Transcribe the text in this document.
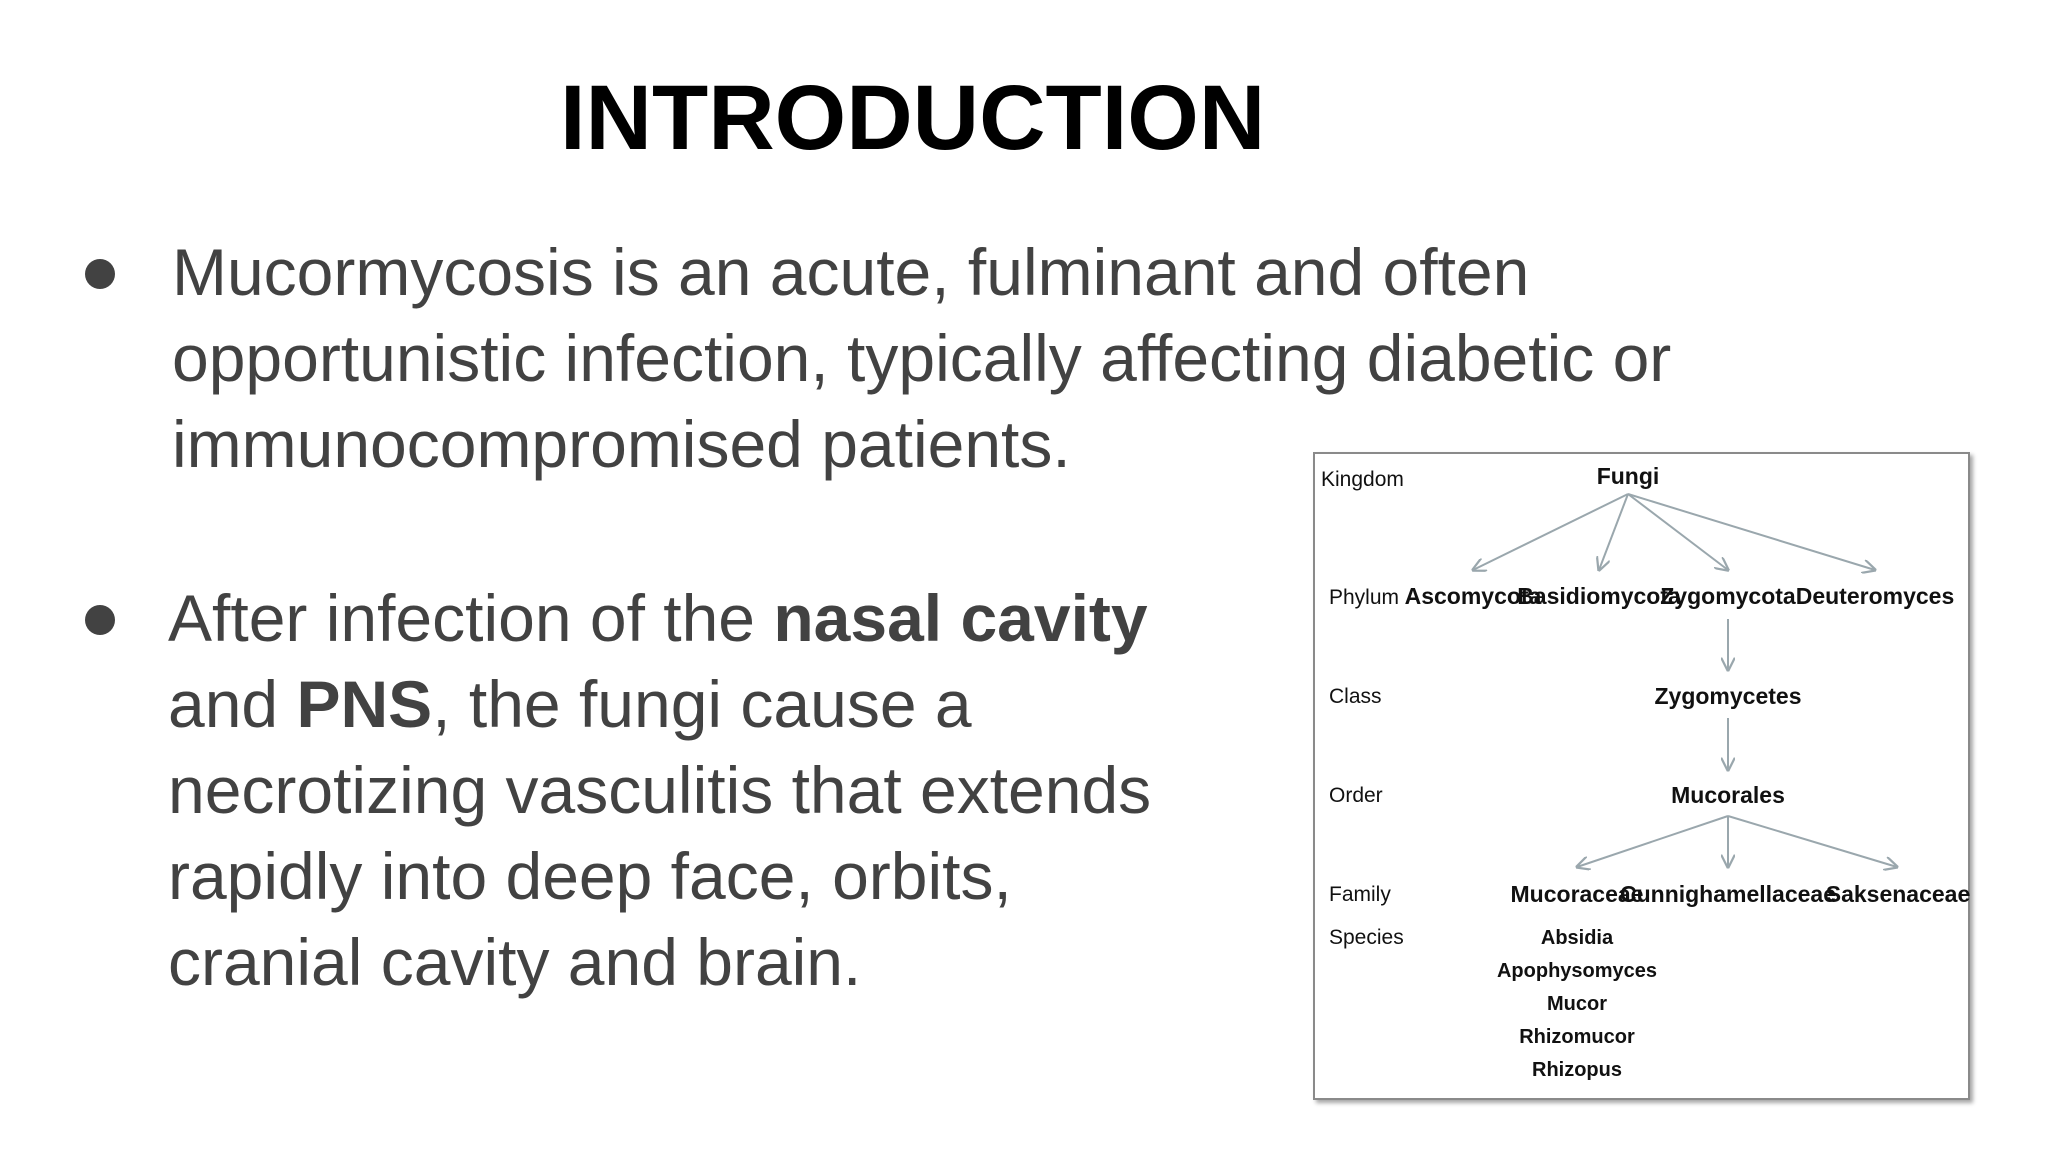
INTRODUCTION

Mucormycosis is an acute, fulminant and often
opportunistic infection, typically affecting diabetic or
immunocompromised patients.

After infection of the nasal cavity
and PNS, the fungi cause a
necrotizing vasculitis that extends
rapidly into deep face, orbits,
cranial cavity and brain.

Kingdom
Phylum
Class
Order
Family
Species
Fungi
Ascomycota
Basidiomycota
Zygomycota Deuteromyces
Zygomycetes
Mucorales
Mucoraceae
Cunnighamellaceae
Saksenaceae
Absidia
Apophysomyces
Mucor
Rhizomucor
Rhizopus
